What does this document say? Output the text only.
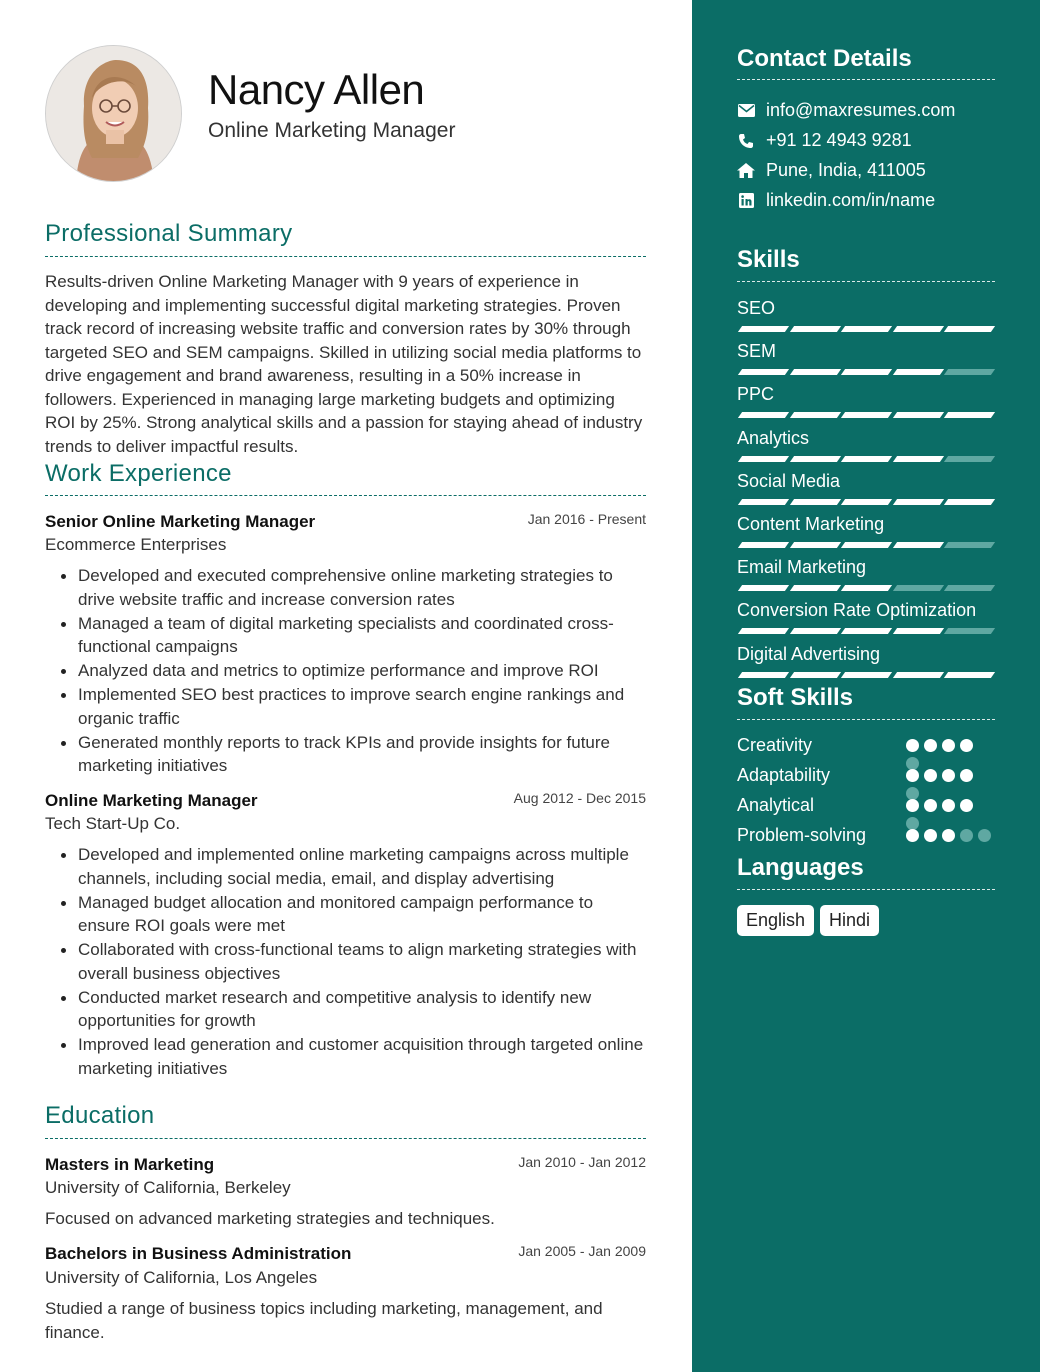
Nancy Allen
Online Marketing Manager
Professional Summary
Results-driven Online Marketing Manager with 9 years of experience in developing and implementing successful digital marketing strategies. Proven track record of increasing website traffic and conversion rates by 30% through targeted SEO and SEM campaigns. Skilled in utilizing social media platforms to drive engagement and brand awareness, resulting in a 50% increase in followers. Experienced in managing large marketing budgets and optimizing ROI by 25%. Strong analytical skills and a passion for staying ahead of industry trends to deliver impactful results.
Work Experience
Senior Online Marketing Manager	Jan 2016 - Present
Ecommerce Enterprises
Developed and executed comprehensive online marketing strategies to drive website traffic and increase conversion rates
Managed a team of digital marketing specialists and coordinated cross-functional campaigns
Analyzed data and metrics to optimize performance and improve ROI
Implemented SEO best practices to improve search engine rankings and organic traffic
Generated monthly reports to track KPIs and provide insights for future marketing initiatives
Online Marketing Manager	Aug 2012 - Dec 2015
Tech Start-Up Co.
Developed and implemented online marketing campaigns across multiple channels, including social media, email, and display advertising
Managed budget allocation and monitored campaign performance to ensure ROI goals were met
Collaborated with cross-functional teams to align marketing strategies with overall business objectives
Conducted market research and competitive analysis to identify new opportunities for growth
Improved lead generation and customer acquisition through targeted online marketing initiatives
Education
Masters in Marketing	Jan 2010 - Jan 2012
University of California, Berkeley
Focused on advanced marketing strategies and techniques.
Bachelors in Business Administration	Jan 2005 - Jan 2009
University of California, Los Angeles
Studied a range of business topics including marketing, management, and finance.
Contact Details
info@maxresumes.com
+91 12 4943 9281
Pune, India, 411005
linkedin.com/in/name
Skills
SEO
SEM
PPC
Analytics
Social Media
Content Marketing
Email Marketing
Conversion Rate Optimization
Digital Advertising
Soft Skills
Creativity
Adaptability
Analytical
Problem-solving
Languages
English	Hindi
